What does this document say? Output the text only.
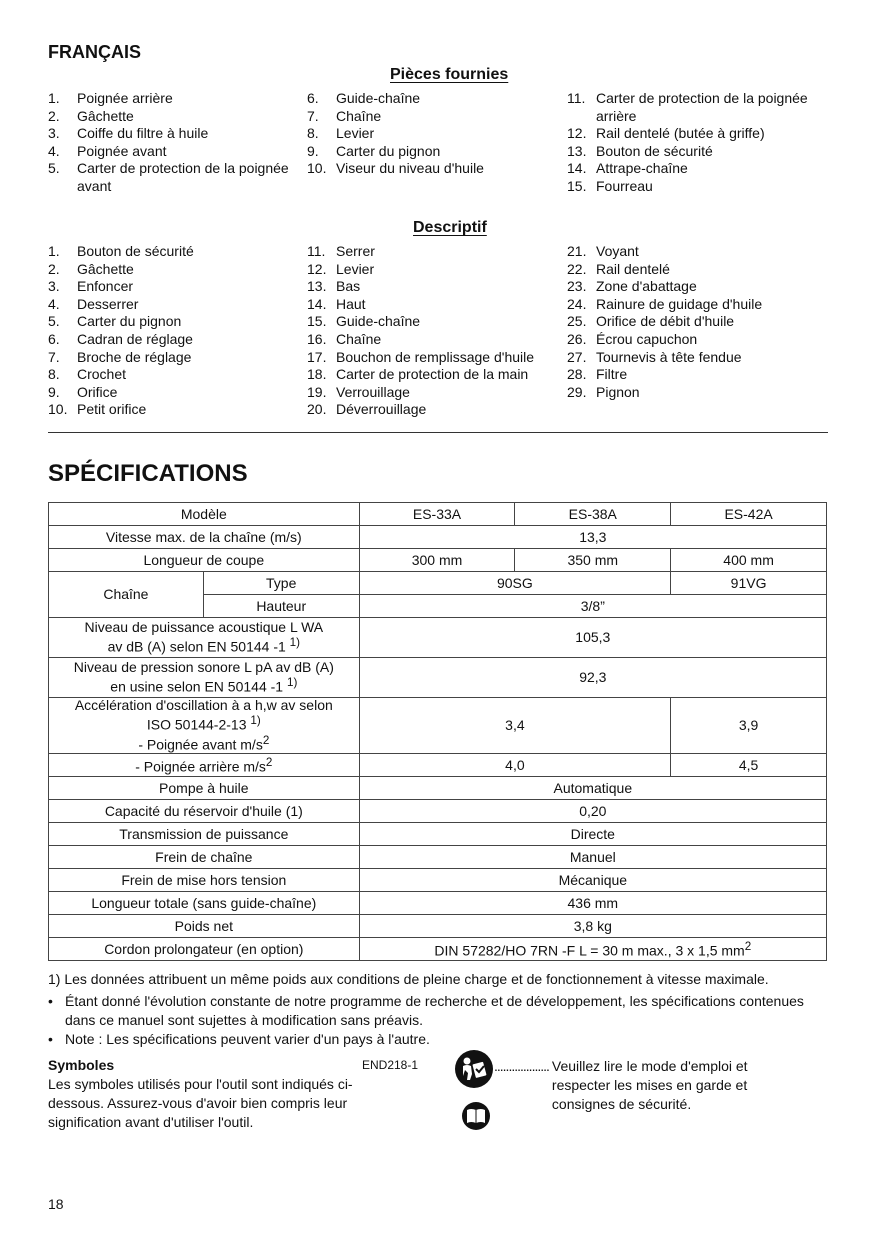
FRANÇAIS
Pièces fournies
1. Poignée arrière
2. Gâchette
3. Coiffe du filtre à huile
4. Poignée avant
5. Carter de protection de la poignée avant
6. Guide-chaîne
7. Chaîne
8. Levier
9. Carter du pignon
10. Viseur du niveau d'huile
11. Carter de protection de la poignée arrière
12. Rail dentelé (butée à griffe)
13. Bouton de sécurité
14. Attrape-chaîne
15. Fourreau
Descriptif
1. Bouton de sécurité
2. Gâchette
3. Enfoncer
4. Desserrer
5. Carter du pignon
6. Cadran de réglage
7. Broche de réglage
8. Crochet
9. Orifice
10. Petit orifice
11. Serrer
12. Levier
13. Bas
14. Haut
15. Guide-chaîne
16. Chaîne
17. Bouchon de remplissage d'huile
18. Carter de protection de la main
19. Verrouillage
20. Déverrouillage
21. Voyant
22. Rail dentelé
23. Zone d'abattage
24. Rainure de guidage d'huile
25. Orifice de débit d'huile
26. Écrou capuchon
27. Tournevis à tête fendue
28. Filtre
29. Pignon
SPÉCIFICATIONS
Modèle		ES-33A	ES-38A	ES-42A
Vitesse max. de la chaîne (m/s)		13,3		
Longueur de coupe		300 mm	350 mm	400 mm
Chaîne	Type	90SG		91VG
	Hauteur	3/8”		
Niveau de puissance acoustique L WA
av dB (A) selon EN 50144 -1 $^{1)}$		105,3		
Niveau de pression sonore L pA av dB (A)
en usine selon EN 50144 -1 $^{1)}$		92,3		
Accélération d'oscillation à a h,w av selon
ISO 50144-2-13 $^{1)}$
- Poignée avant $m/s^2$		3,4		3,9
- Poignée arrière $m/s^2$		4,0		4,5
Pompe à huile		Automatique		
Capacité du réservoir d'huile (1)		0,20		
Transmission de puissance		Directe		
Frein de chaîne		Manuel		
Frein de mise hors tension		Mécanique		
Longueur totale (sans guide-chaîne)		436 mm		
Poids net		3,8 kg		
Cordon prolongateur (en option)		DIN 57282/HO 7RN -F L = 30 m max., 3 x 1,5 $mm^2$
1) Les données attribuent un même poids aux conditions de pleine charge et de fonctionnement à vitesse maximale.
• Étant donné l'évolution constante de notre programme de recherche et de développement, les spécifications contenues dans ce manuel sont sujettes à modification sans préavis.
• Note : Les spécifications peuvent varier d'un pays à l'autre.
Symboles	END218-1
Les symboles utilisés pour l'outil sont indiqués ci-dessous. Assurez-vous d'avoir bien compris leur signification avant d'utiliser l'outil.
................... Veuillez lire le mode d'emploi et respecter les mises en garde et consignes de sécurité.
18
